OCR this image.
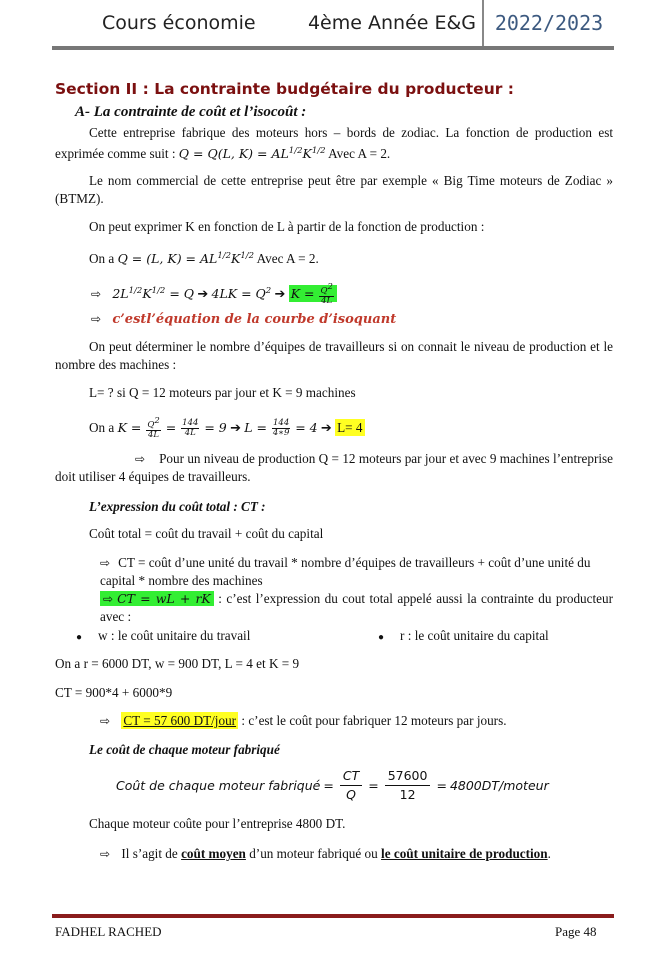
Cours économie	4ème Année E&G 2022/2023
Section II : La contrainte budgétaire du producteur :
A- La contrainte de coût et l’isocoût :
Cette entreprise fabrique des moteurs hors – bords de zodiac. La fonction de production est exprimée comme suit : Q = Q(L, $K) = AL^{1/2}K^{1/2}$ Avec A = 2.
Le nom commercial de cette entreprise peut être par exemple « Big Time moteurs de Zodiac » (BTMZ).
On peut exprimer K en fonction de L à partir de la fonction de production :
On a Q = (L, $K) = AL^{1/2}K^{1/2}$ Avec A = 2.
⇨ $2L^{1/2}K^{1/2} = Q$ ➔ $4LK = Q^2$ ➔ $K = \frac{Q^2}{4L}$
⇨ c’estl’équation de la courbe d’isoquant
On peut déterminer le nombre d’équipes de travailleurs si on connait le niveau de production et le nombre des machines :
L= ? si Q = 12 moteurs par jour et K = 9 machines
On a $K = \frac{Q^2}{4L} = \frac{144}{4L} = 9$ ➔ $L = \frac{144}{4∗9} = 4$ ➔ L= 4
⇨ Pour un niveau de production Q = 12 moteurs par jour et avec 9 machines l’entreprise doit utiliser 4 équipes de travailleurs.
L’expression du coût total : CT :
Coût total = coût du travail + coût du capital
⇨ CT = coût d’une unité du travail * nombre d’équipes de travailleurs + coût d’une unité du capital * nombre des machines
⇨ CT = wL + rK : c’est l’expression du cout total appelé aussi la contrainte du producteur avec :
● w : le coût unitaire du travail	● r : le coût unitaire du capital
On a r = 6000 DT, w = 900 DT, L = 4 et K = 9
CT = 900*4 + 6000*9
⇨ CT = 57 600 DT/jour : c’est le coût pour fabriquer 12 moteurs par jours.
Le coût de chaque moteur fabriqué
Coût de chaque moteur fabriqué = $\frac{CT}{Q} = \frac{57600}{12}$ = 4800DT/moteur
Chaque moteur coûte pour l’entreprise 4800 DT.
⇨ Il s’agit de coût moyen d’un moteur fabriqué ou le coût unitaire de production.
FADHEL RACHED	Page 48
